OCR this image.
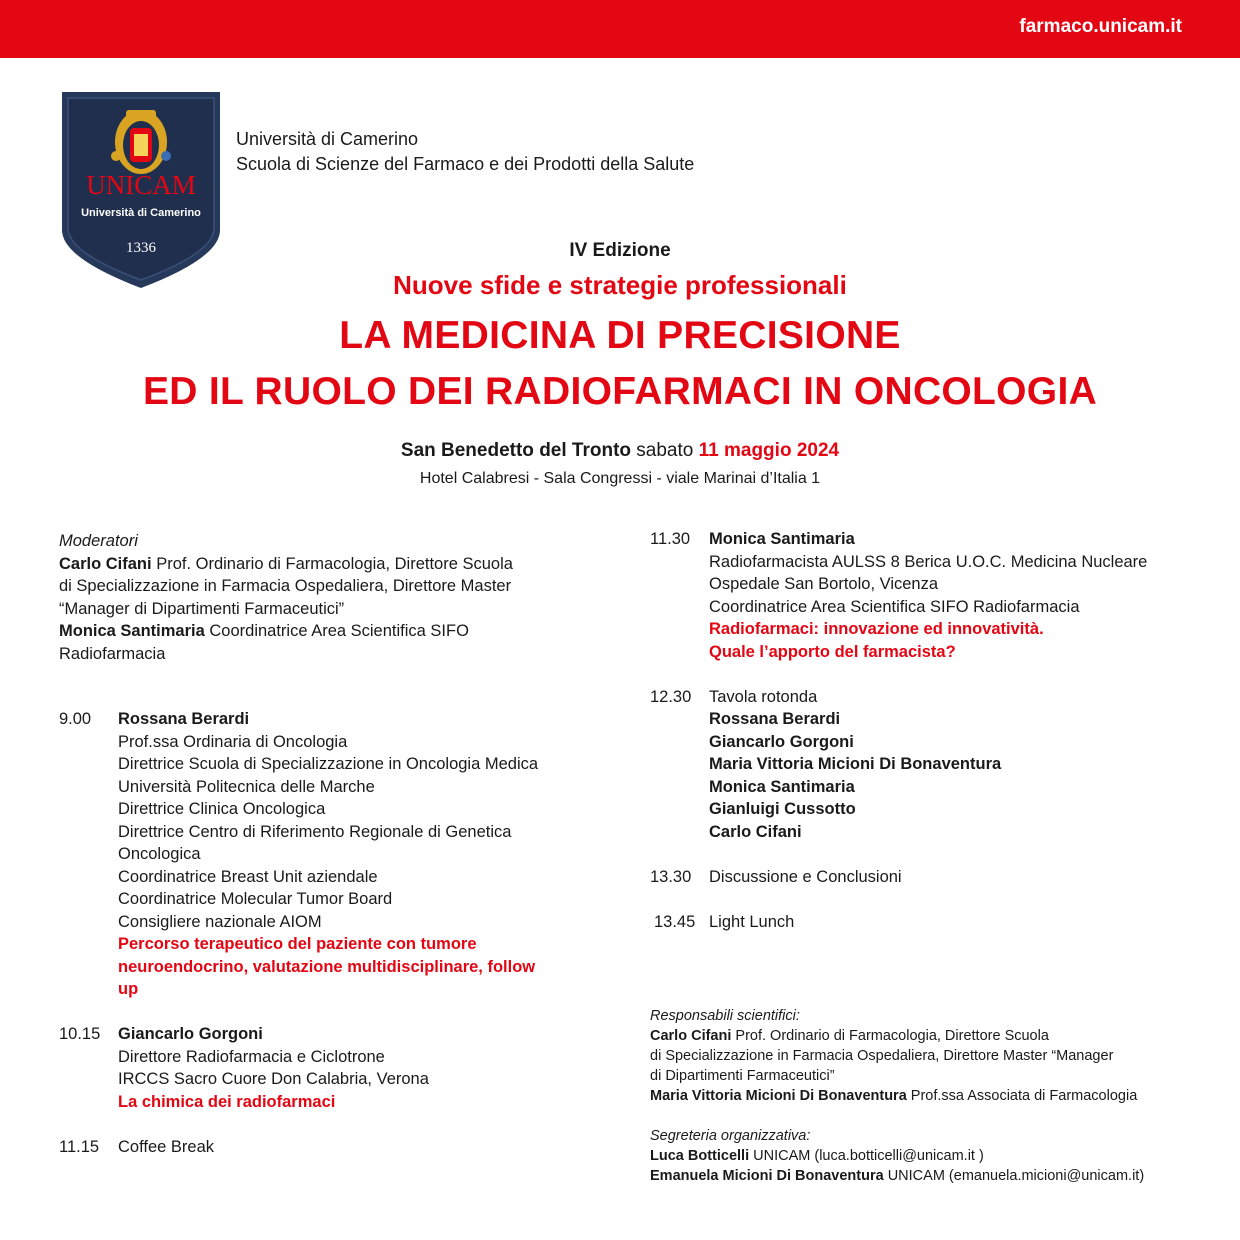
farmaco.unicam.it
UNICAM
Università di Camerino
1336
Università di Camerino
Scuola di Scienze del Farmaco e dei Prodotti della Salute
IV Edizione
Nuove sfide e strategie professionali
LA MEDICINA DI PRECISIONE
ED IL RUOLO DEI RADIOFARMACI IN ONCOLOGIA
San Benedetto del Tronto sabato 11 maggio 2024
Hotel Calabresi - Sala Congressi - viale Marinai d’Italia 1
Moderatori
Carlo Cifani Prof. Ordinario di Farmacologia, Direttore Scuola
di Specializzazione in Farmacia Ospedaliera, Direttore Master
“Manager di Dipartimenti Farmaceutici”
Monica Santimaria Coordinatrice Area Scientifica SIFO
Radiofarmacia
9.00	Rossana Berardi
Prof.ssa Ordinaria di Oncologia
Direttrice Scuola di Specializzazione in Oncologia Medica
Università Politecnica delle Marche
Direttrice Clinica Oncologica
Direttrice Centro di Riferimento Regionale di Genetica
Oncologica
Coordinatrice Breast Unit aziendale
Coordinatrice Molecular Tumor Board
Consigliere nazionale AIOM
Percorso terapeutico del paziente con tumore
neuroendocrino, valutazione multidisciplinare, follow
up
10.15	Giancarlo Gorgoni
Direttore Radiofarmacia e Ciclotrone
IRCCS Sacro Cuore Don Calabria, Verona
La chimica dei radiofarmaci
11.15	Coffee Break
11.30	Monica Santimaria
Radiofarmacista AULSS 8 Berica U.O.C. Medicina Nucleare
Ospedale San Bortolo, Vicenza
Coordinatrice Area Scientifica SIFO Radiofarmacia
Radiofarmaci: innovazione ed innovatività.
Quale l’apporto del farmacista?
12.30	Tavola rotonda
Rossana Berardi
Giancarlo Gorgoni
Maria Vittoria Micioni Di Bonaventura
Monica Santimaria
Gianluigi Cussotto
Carlo Cifani
13.30	Discussione e Conclusioni
13.45 Light Lunch
Responsabili scientifici:
Carlo Cifani Prof. Ordinario di Farmacologia, Direttore Scuola
di Specializzazione in Farmacia Ospedaliera, Direttore Master “Manager
di Dipartimenti Farmaceutici”
Maria Vittoria Micioni Di Bonaventura Prof.ssa Associata di Farmacologia
Segreteria organizzativa:
Luca Botticelli UNICAM (luca.botticelli@unicam.it )
Emanuela Micioni Di Bonaventura UNICAM (emanuela.micioni@unicam.it)
